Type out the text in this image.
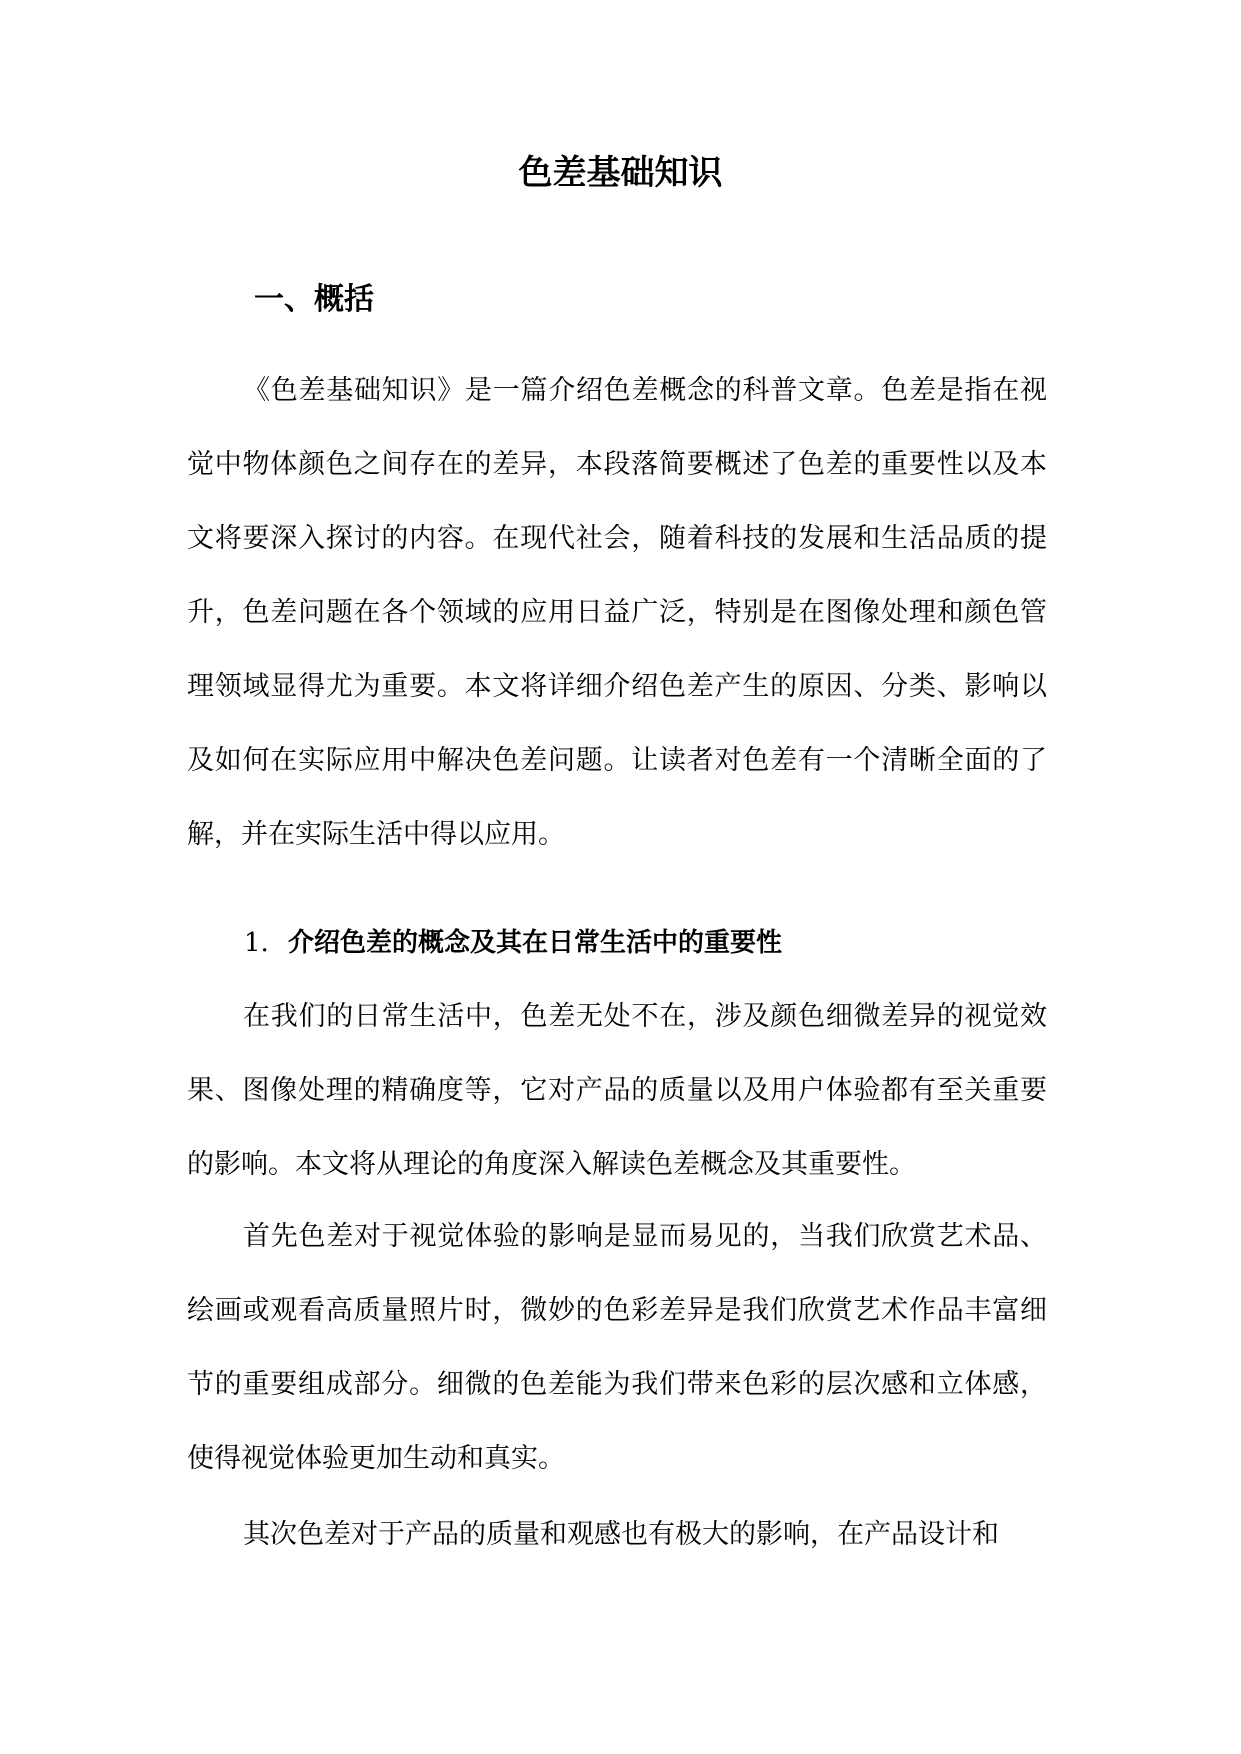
色差基础知识
一、概括

《色差基础知识》是一篇介绍色差概念的科普文章。色差是指在视觉中物体颜色之间存在的差异，本段落简要概述了色差的重要性以及本文将要深入探讨的内容。在现代社会，随着科技的发展和生活品质的提升，色差问题在各个领域的应用日益广泛，特别是在图像处理和颜色管理领域显得尤为重要。本文将详细介绍色差产生的原因、分类、影响以及如何在实际应用中解决色差问题。让读者对色差有一个清晰全面的了解，并在实际生活中得以应用。

1. 介绍色差的概念及其在日常生活中的重要性

在我们的日常生活中，色差无处不在，涉及颜色细微差异的视觉效果、图像处理的精确度等，它对产品的质量以及用户体验都有至关重要的影响。本文将从理论的角度深入解读色差概念及其重要性。

首先色差对于视觉体验的影响是显而易见的，当我们欣赏艺术品、绘画或观看高质量照片时，微妙的色彩差异是我们欣赏艺术作品丰富细节的重要组成部分。细微的色差能为我们带来色彩的层次感和立体感，使得视觉体验更加生动和真实。

其次色差对于产品的质量和观感也有极大的影响，在产品设计和
